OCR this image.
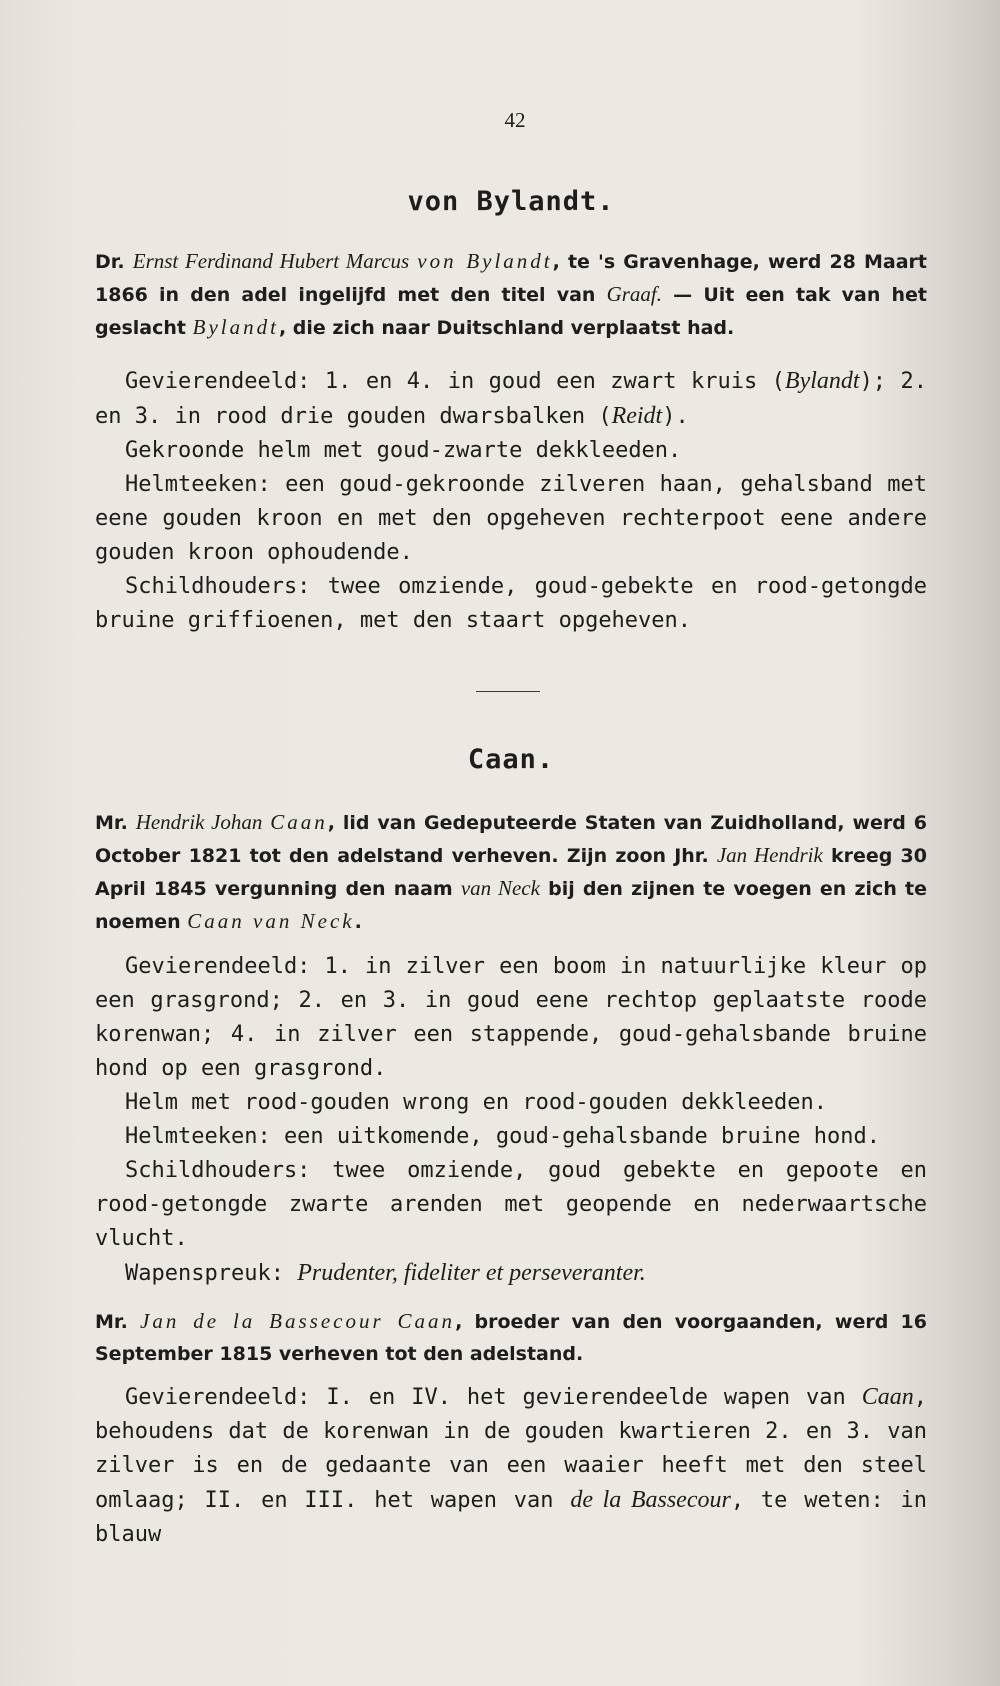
42
von Bylandt.

Dr. Ernst Ferdinand Hubert Marcus von Bylandt, te 's Gravenhage, werd 28 Maart 1866 in den adel ingelijfd met den titel van Graaf. — Uit een tak van het geslacht Bylandt, die zich naar Duitschland verplaatst had.

Gevierendeeld: 1. en 4. in goud een zwart kruis (Bylandt); 2. en 3. in rood drie gouden dwarsbalken (Reidt).

Gekroonde helm met goud-zwarte dekkleeden.

Helmteeken: een goud-gekroonde zilveren haan, gehalsband met eene gouden kroon en met den opgeheven rechterpoot eene andere gouden kroon ophoudende.

Schildhouders: twee omziende, goud-gebekte en rood-getongde bruine griffioenen, met den staart opgeheven.

Caan.

Mr. Hendrik Johan Caan, lid van Gedeputeerde Staten van Zuidholland, werd 6 October 1821 tot den adelstand verheven. Zijn zoon Jhr. Jan Hendrik kreeg 30 April 1845 vergunning den naam van Neck bij den zijnen te voegen en zich te noemen Caan van Neck.

Gevierendeeld: 1. in zilver een boom in natuurlijke kleur op een grasgrond; 2. en 3. in goud eene rechtop geplaatste roode korenwan; 4. in zilver een stappende, goud-gehalsbande bruine hond op een grasgrond.

Helm met rood-gouden wrong en rood-gouden dekkleeden.

Helmteeken: een uitkomende, goud-gehalsbande bruine hond.

Schildhouders: twee omziende, goud gebekte en gepoote en rood-getongde zwarte arenden met geopende en nederwaartsche vlucht.

Wapenspreuk: Prudenter, fideliter et perseveranter.

Mr. Jan de la Bassecour Caan, broeder van den voorgaanden, werd 16 September 1815 verheven tot den adelstand.

Gevierendeeld: I. en IV. het gevierendeelde wapen van Caan, behoudens dat de korenwan in de gouden kwartieren 2. en 3. van zilver is en de gedaante van een waaier heeft met den steel omlaag; II. en III. het wapen van de la Bassecour, te weten: in blauw
